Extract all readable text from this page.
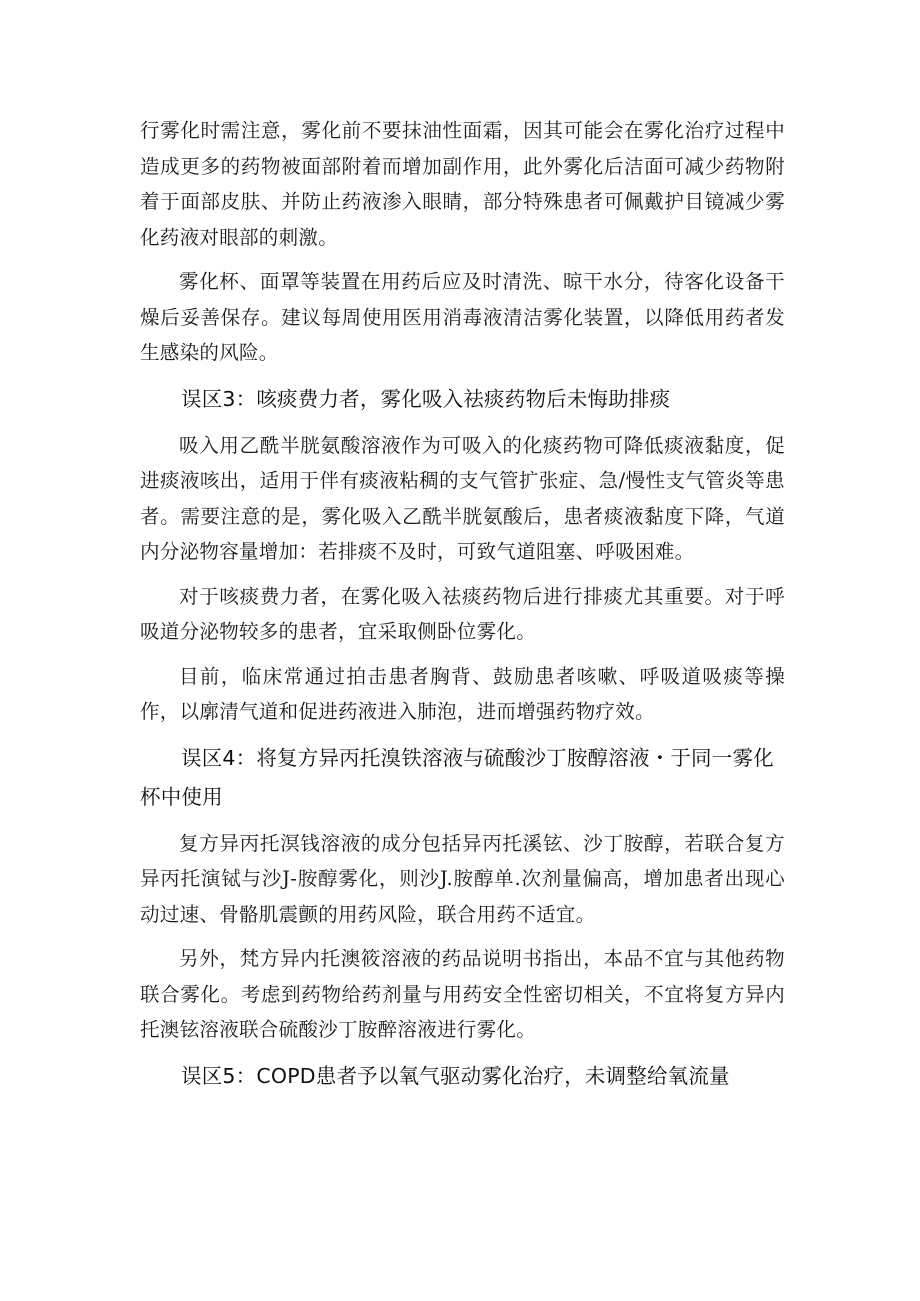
行雾化时需注意，雾化前不要抹油性面霜，因其可能会在雾化治疗过程中造成更多的药物被面部附着而增加副作用，此外雾化后洁面可减少药物附着于面部皮肤、并防止药液渗入眼睛，部分特殊患者可佩戴护目镜减少雾化药液对眼部的刺激。

雾化杯、面罩等装置在用药后应及时清洗、晾干水分，待客化设备干燥后妥善保存。建议每周使用医用消毒液清洁雾化装置，以降低用药者发生感染的风险。

误区3：咳痰费力者，雾化吸入祛痰药物后未悔助排痰

吸入用乙酰半胱氨酸溶液作为可吸入的化痰药物可降低痰液黏度，促进痰液咳出，适用于伴有痰液粘稠的支气管扩张症、急/慢性支气管炎等患者。需要注意的是，雾化吸入乙酰半胱氨酸后，患者痰液黏度下降，气道内分泌物容量增加：若排痰不及时，可致气道阻塞、呼吸困难。

对于咳痰费力者，在雾化吸入祛痰药物后进行排痰尤其重要。对于呼吸道分泌物较多的患者，宜采取侧卧位雾化。

目前，临床常通过拍击患者胸背、鼓励患者咳嗽、呼吸道吸痰等操作，以廓清气道和促进药液进入肺泡，进而增强药物疗效。

误区4：将复方异丙托溴铁溶液与硫酸沙丁胺醇溶液・于同一雾化杯中使用

复方异丙托溟钱溶液的成分包括异丙托溪铉、沙丁胺醇，若联合复方异丙托演铽与沙J-胺醇雾化，则沙J.胺醇单.次剂量偏高，增加患者出现心动过速、骨骼肌震颤的用药风险，联合用药不适宜。

另外，梵方异内托澳筱溶液的药品说明书指出，本品不宜与其他药物联合雾化。考虑到药物给药剂量与用药安全性密切相关，不宜将复方异内托澳铉溶液联合硫酸沙丁胺醉溶液进行雾化。

误区5：COPD患者予以氧气驱动雾化治疗，未调整给氧流量
